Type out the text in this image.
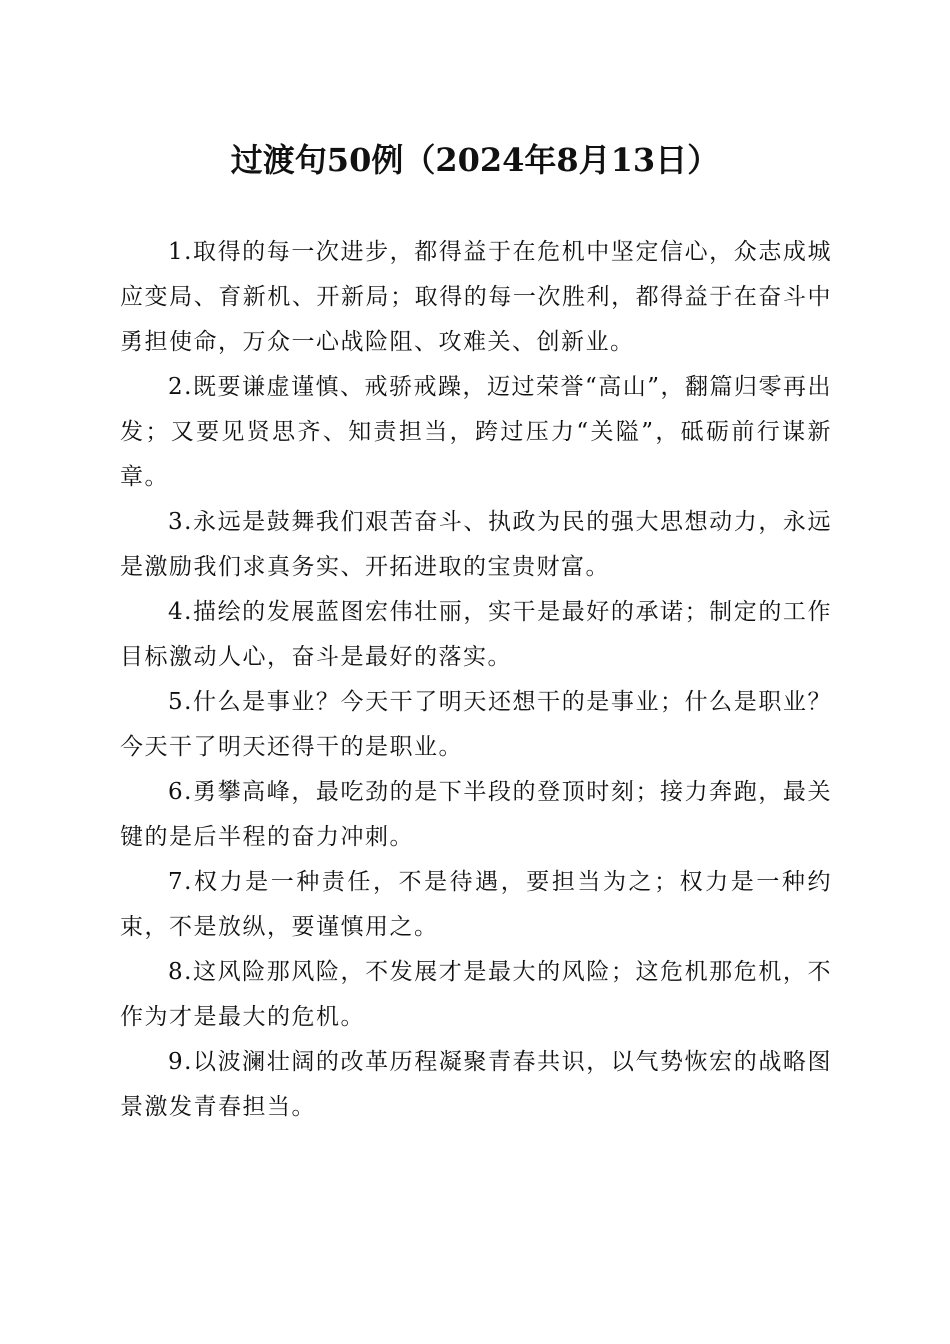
过渡句50例（2024年8月13日）

1.取得的每一次进步，都得益于在危机中坚定信心，众志成城应变局、育新机、开新局；取得的每一次胜利，都得益于在奋斗中勇担使命，万众一心战险阻、攻难关、创新业。

2.既要谦虚谨慎、戒骄戒躁，迈过荣誉“高山”，翻篇归零再出发；又要见贤思齐、知责担当，跨过压力“关隘”，砥砺前行谋新章。

3.永远是鼓舞我们艰苦奋斗、执政为民的强大思想动力，永远是激励我们求真务实、开拓进取的宝贵财富。

4.描绘的发展蓝图宏伟壮丽，实干是最好的承诺；制定的工作目标激动人心，奋斗是最好的落实。

5.什么是事业？今天干了明天还想干的是事业；什么是职业？今天干了明天还得干的是职业。

6.勇攀高峰，最吃劲的是下半段的登顶时刻；接力奔跑，最关键的是后半程的奋力冲刺。

7.权力是一种责任，不是待遇，要担当为之；权力是一种约束，不是放纵，要谨慎用之。

8.这风险那风险，不发展才是最大的风险；这危机那危机，不作为才是最大的危机。

9.以波澜壮阔的改革历程凝聚青春共识，以气势恢宏的战略图景激发青春担当。
